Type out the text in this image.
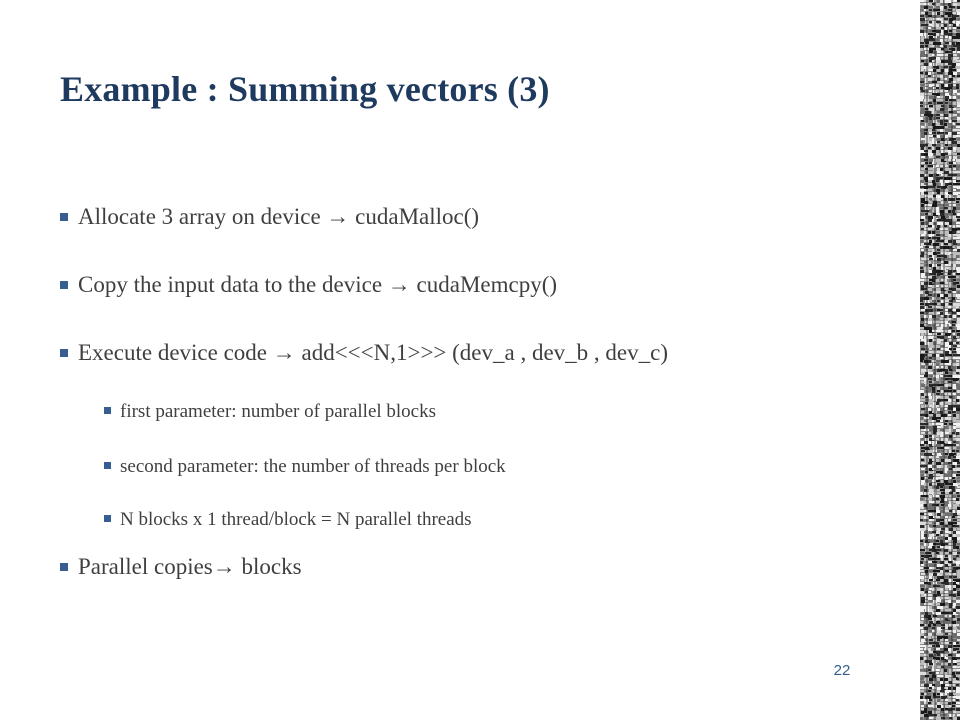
Example : Summing vectors (3)
Allocate 3 array on device → cudaMalloc()
Copy the input data to the device → cudaMemcpy()
Execute device code → add<<<N,1>>> (dev_a , dev_b , dev_c)
first parameter: number of parallel blocks
second parameter: the number of threads per block
N blocks x 1 thread/block = N parallel threads
Parallel copies→ blocks
22
